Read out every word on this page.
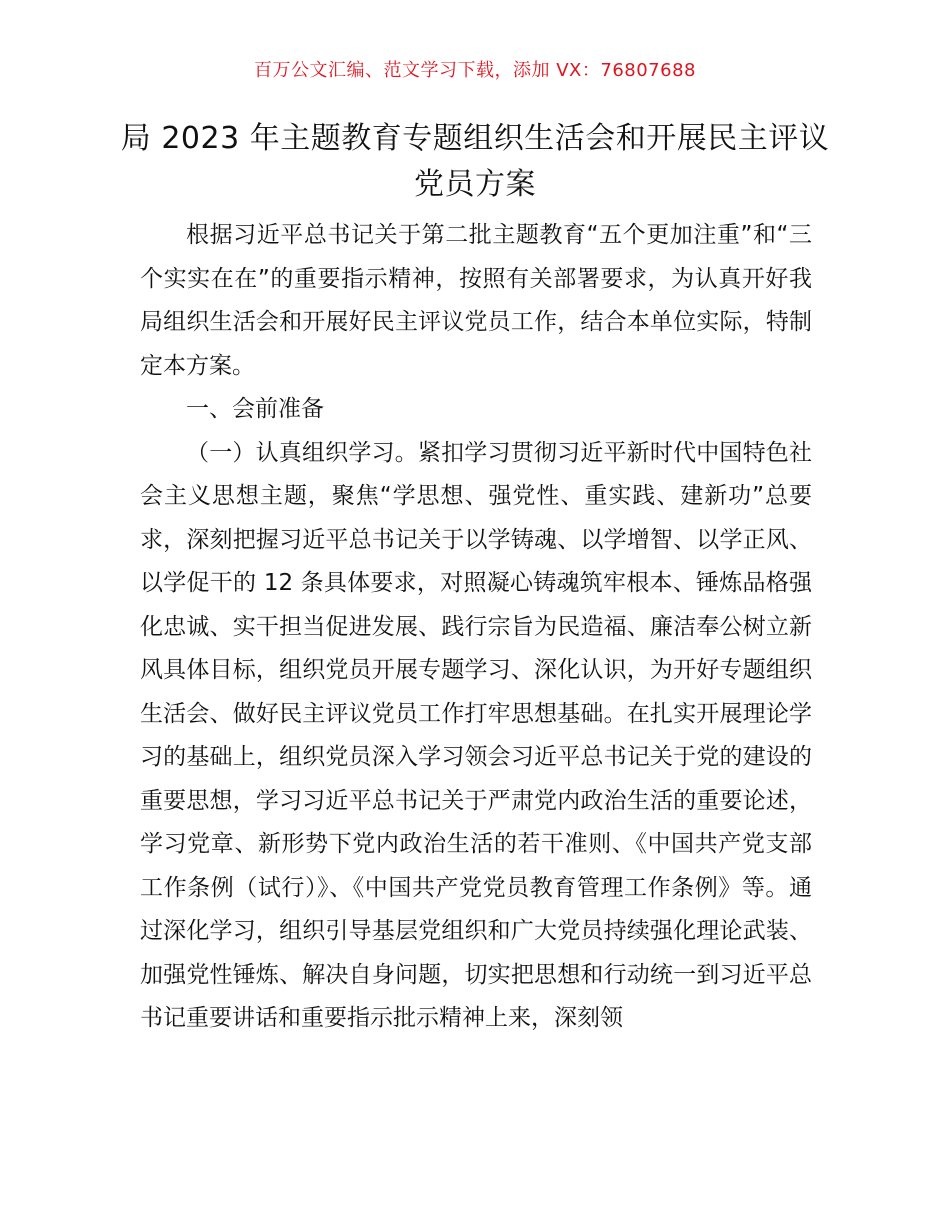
百万公文汇编、范文学习下载，添加 VX：76807688
局 2023 年主题教育专题组织生活会和开展民主评议党员方案

根据习近平总书记关于第二批主题教育“五个更加注重”和“三个实实在在”的重要指示精神，按照有关部署要求，为认真开好我局组织生活会和开展好民主评议党员工作，结合本单位实际，特制定本方案。

一、会前准备

（一）认真组织学习。紧扣学习贯彻习近平新时代中国特色社会主义思想主题，聚焦“学思想、强党性、重实践、建新功”总要求，深刻把握习近平总书记关于以学铸魂、以学增智、以学正风、以学促干的 12 条具体要求，对照凝心铸魂筑牢根本、锤炼品格强化忠诚、实干担当促进发展、践行宗旨为民造福、廉洁奉公树立新风具体目标，组织党员开展专题学习、深化认识，为开好专题组织生活会、做好民主评议党员工作打牢思想基础。在扎实开展理论学习的基础上，组织党员深入学习领会习近平总书记关于党的建设的重要思想，学习习近平总书记关于严肃党内政治生活的重要论述，学习党章、新形势下党内政治生活的若干准则、《中国共产党支部工作条例（试行）》、《中国共产党党员教育管理工作条例》等。通过深化学习，组织引导基层党组织和广大党员持续强化理论武装、加强党性锤炼、解决自身问题，切实把思想和行动统一到习近平总书记重要讲话和重要指示批示精神上来，深刻领
